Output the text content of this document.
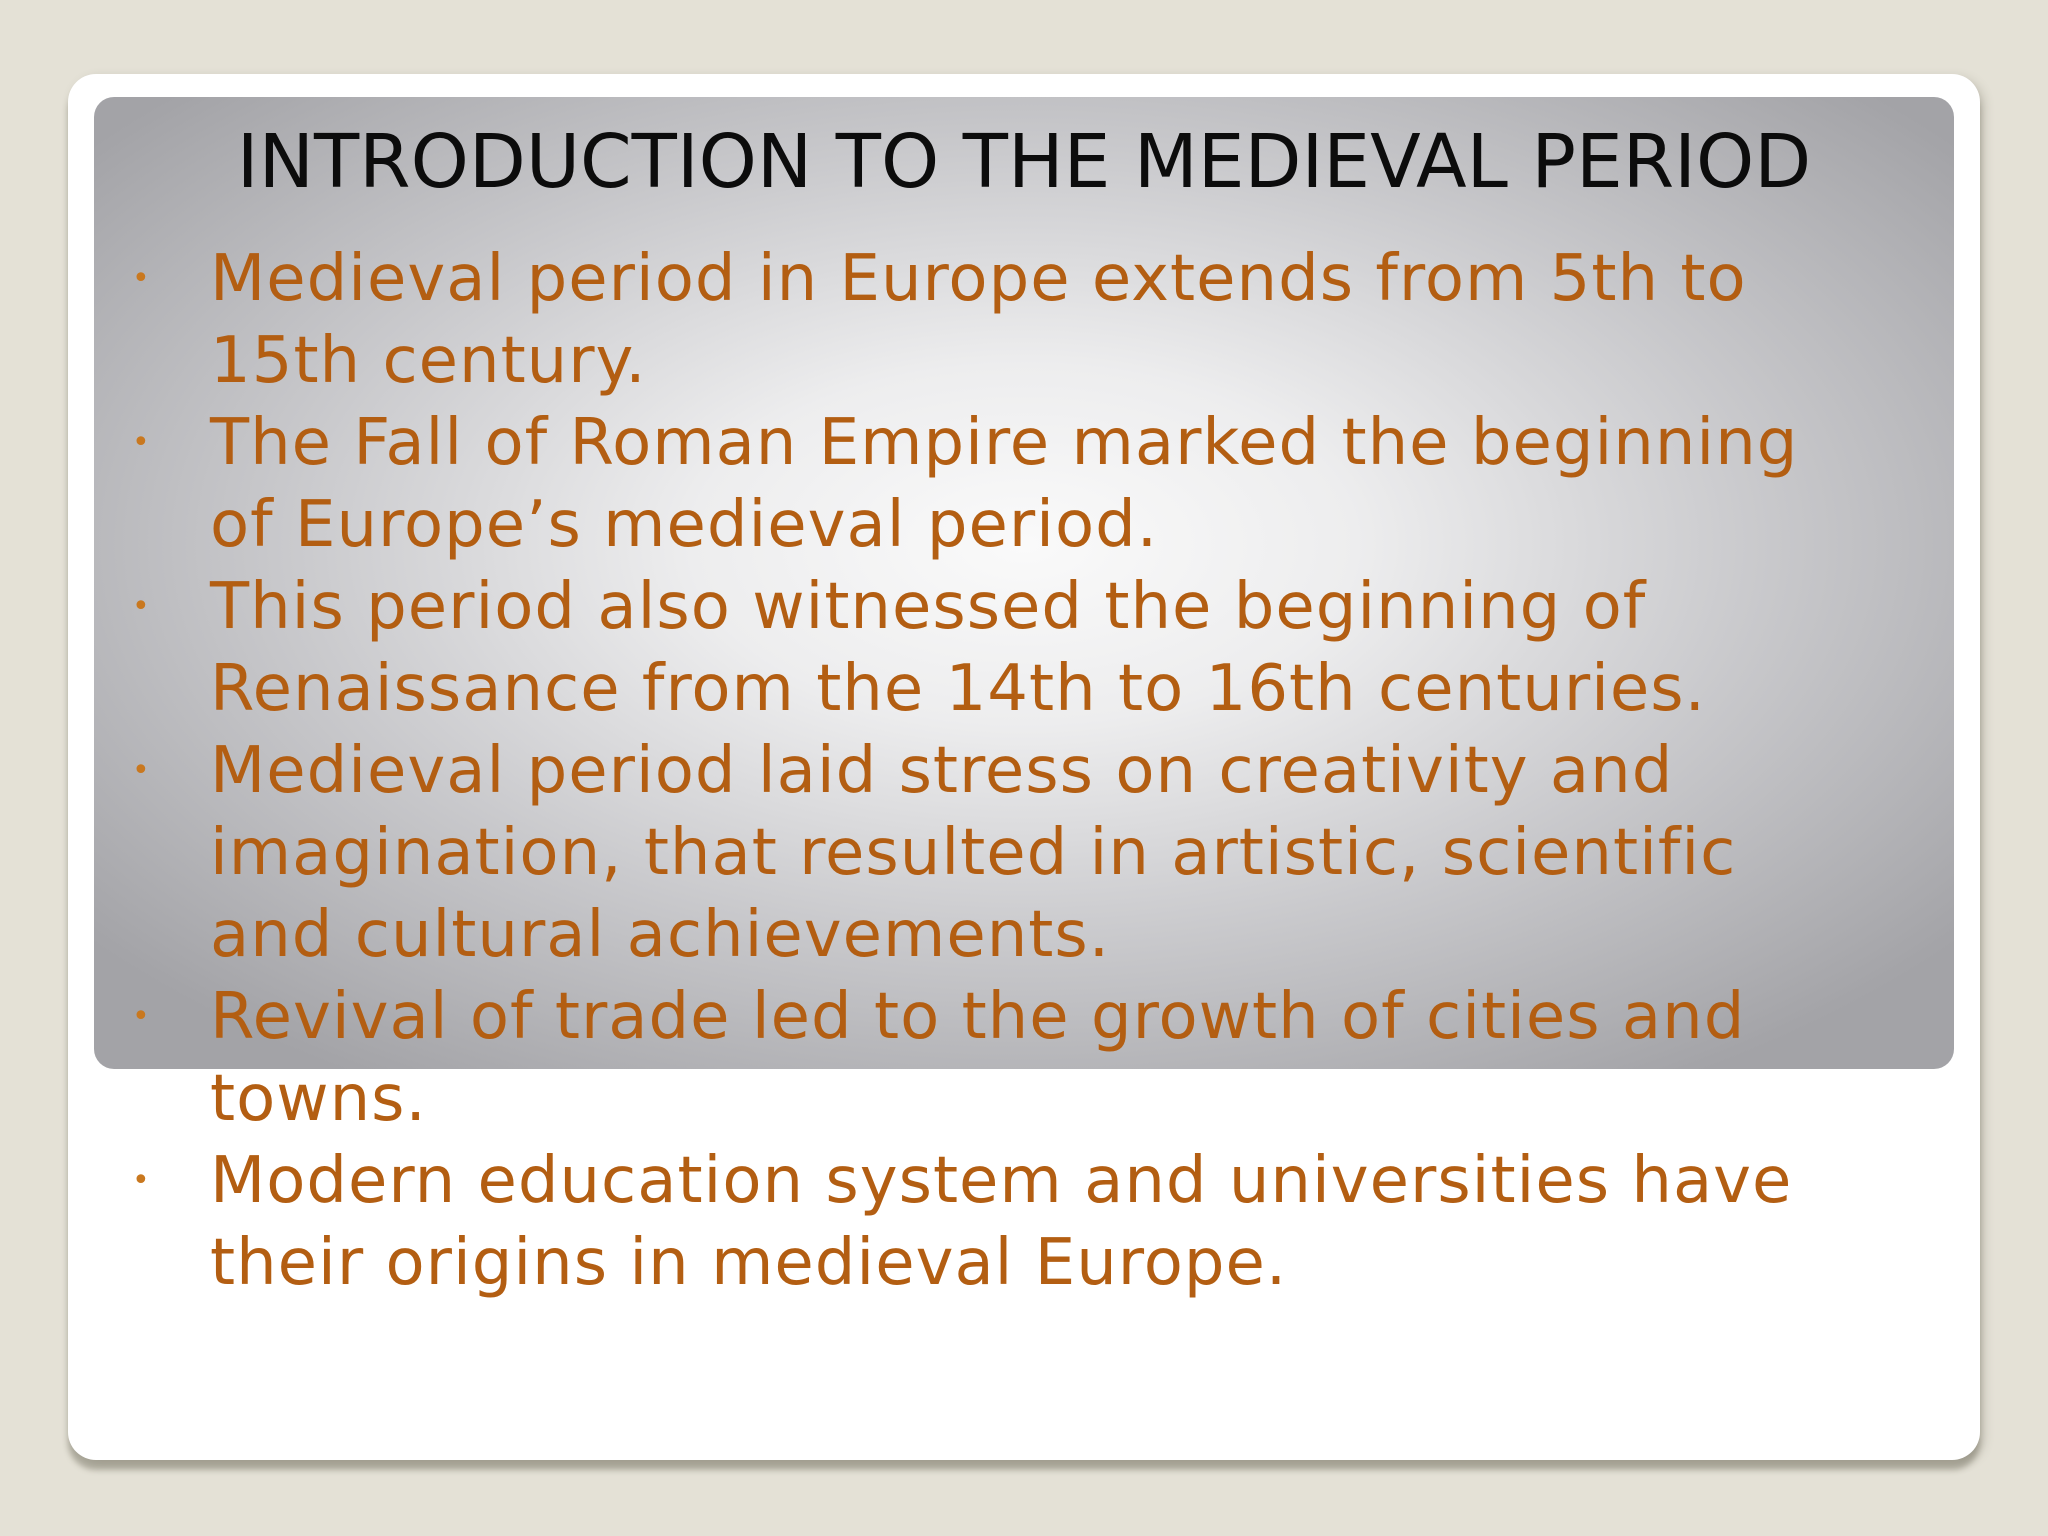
INTRODUCTION TO THE MEDIEVAL PERIOD
• Medieval period in Europe extends from 5th to
15th century.
• The Fall of Roman Empire marked the beginning
of Europe’s medieval period.
• This period also witnessed the beginning of
Renaissance from the 14th to 16th centuries.
• Medieval period laid stress on creativity and
imagination, that resulted in artistic, scientific
and cultural achievements.
• Revival of trade led to the growth of cities and
towns.
• Modern education system and universities have
their origins in medieval Europe.
